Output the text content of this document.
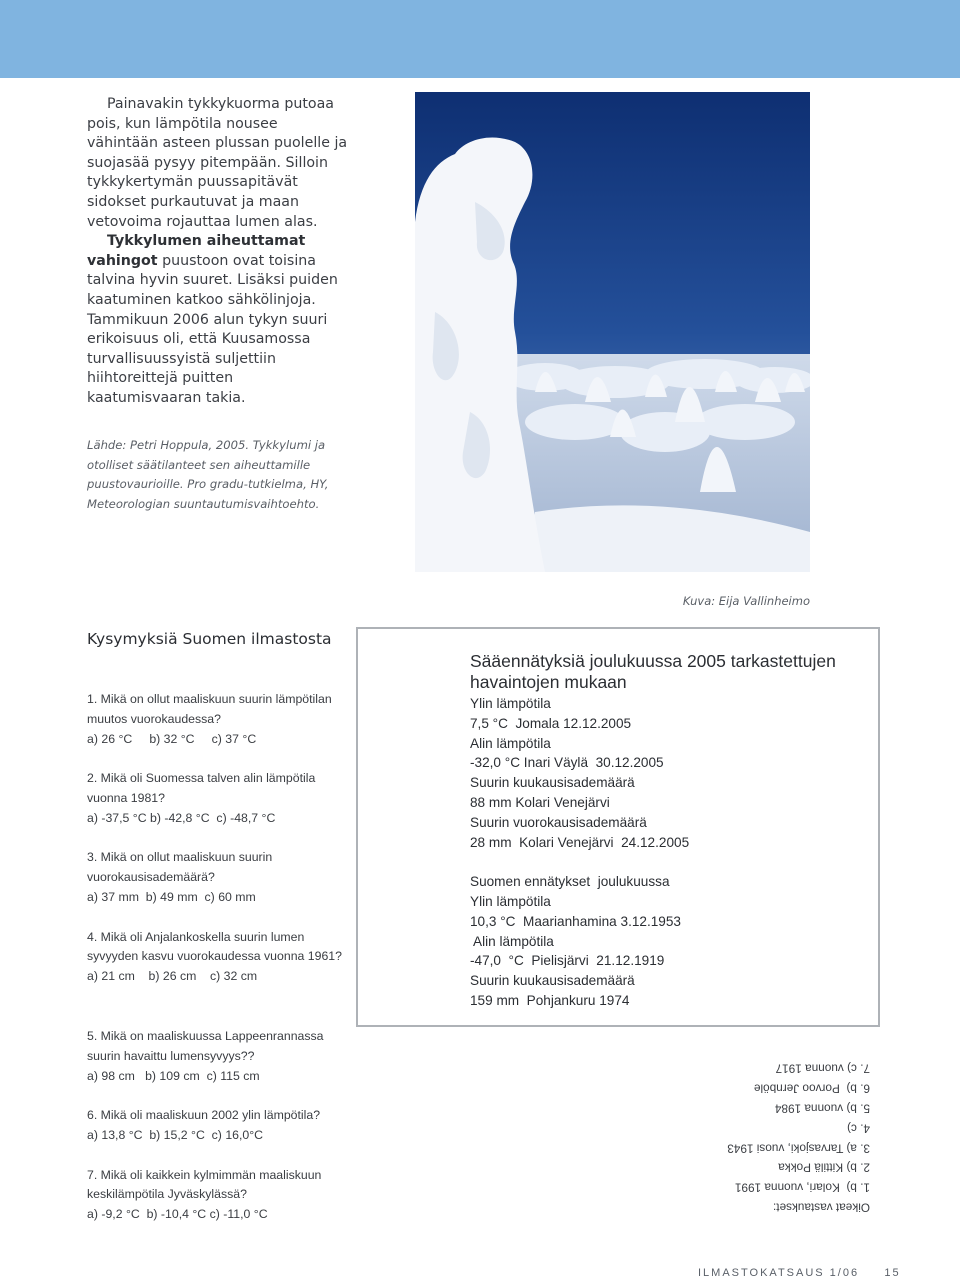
Painavakin tykkykuorma putoaa pois, kun lämpötila nousee vähintään asteen plussan puolelle ja suojasää pysyy pitempään. Silloin tykkykertymän puussapitävät sidokset purkautuvat ja maan vetovoima rojauttaa lumen alas.

Tykkylumen aiheuttamat vahingot puustoon ovat toisina talvina hyvin suuret. Lisäksi puiden kaatuminen katkoo sähkölinjoja. Tammikuun 2006 alun tykyn suuri erikoisuus oli, että Kuusamossa turvallisuussyistä suljettiin hiihtoreittejä puitten kaatumisvaaran takia.

Lähde: Petri Hoppula, 2005. Tykkylumi ja otolliset säätilanteet sen aiheuttamille puustovaurioille. Pro gradu-tutkielma, HY, Meteorologian suuntautumisvaihtoehto.
Kuva: Eija Vallinheimo
Kysymyksiä Suomen ilmastosta
1. Mikä on ollut maaliskuun suurin lämpötilan muutos vuorokaudessa?
a) 26 °C     b) 32 °C     c) 37 °C
2. Mikä oli Suomessa talven alin lämpötila vuonna 1981?
a) -37,5 °C b) -42,8 °C  c) -48,7 °C
3. Mikä on ollut maaliskuun suurin vuorokausisademäärä?
a) 37 mm  b) 49 mm  c) 60 mm
4. Mikä oli Anjalankoskella suurin lumen syvyyden kasvu vuorokaudessa vuonna 1961?
a) 21 cm    b) 26 cm    c) 32 cm
5. Mikä on maaliskuussa Lappeenrannassa suurin havaittu lumensyvyys??
a) 98 cm   b) 109 cm  c) 115 cm
6. Mikä oli maaliskuun 2002 ylin lämpötila?
a) 13,8 °C  b) 15,2 °C  c) 16,0°C
7. Mikä oli kaikkein kylmimmän maaliskuun keskilämpötila Jyväskylässä?
a) -9,2 °C  b) -10,4 °C c) -11,0 °C
Sääennätyksiä joulukuussa 2005 tarkastettujen havaintojen mukaan
Ylin lämpötila
7,5 °C  Jomala 12.12.2005
Alin lämpötila
-32,0 °C Inari Väylä  30.12.2005
Suurin kuukausisademäärä
88 mm Kolari Venejärvi
Suurin vuorokausisademäärä
28 mm  Kolari Venejärvi  24.12.2005
Suomen ennätykset  joulukuussa
Ylin lämpötila
10,3 °C  Maarianhamina 3.12.1953
Alin lämpötila
-47,0  °C  Pielisjärvi  21.12.1919
Suurin kuukausisademäärä
159 mm  Pohjankuru 1974
Oikeat vastaukset:
1. b)  Kolari, vuonna 1991
2. b) Kittilä Pokka
3. a) Tarvasjoki, vuosi 1943
4. c)
5. b) vuonna 1984
6. b)  Porvoo Jernböle
7. c) vuonna 1917
ILMASTOKATSAUS 1/06     15
